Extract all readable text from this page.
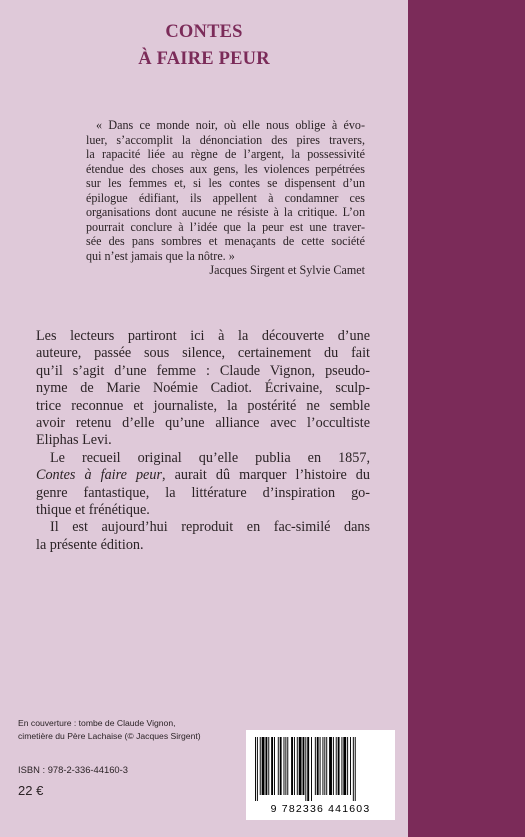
CONTES
À FAIRE PEUR
« Dans ce monde noir, où elle nous oblige à évo-
luer, s’accomplit la dénonciation des pires travers,
la rapacité liée au règne de l’argent, la possessivité
étendue des choses aux gens, les violences perpétrées
sur les femmes et, si les contes se dispensent d’un
épilogue édifiant, ils appellent à condamner ces
organisations dont aucune ne résiste à la critique. L’on
pourrait conclure à l’idée que la peur est une traver-
sée des pans sombres et menaçants de cette société
qui n’est jamais que la nôtre. »
Jacques Sirgent et Sylvie Camet
Les lecteurs partiront ici à la découverte d’une
auteure, passée sous silence, certainement du fait
qu’il s’agit d’une femme : Claude Vignon, pseudo-
nyme de Marie Noémie Cadiot. Écrivaine, sculp-
trice reconnue et journaliste, la postérité ne semble
avoir retenu d’elle qu’une alliance avec l’occultiste
Eliphas Levi.
Le recueil original qu’elle publia en 1857,
Contes à faire peur, aurait dû marquer l’histoire du
genre fantastique, la littérature d’inspiration go-
thique et frénétique.
Il est aujourd’hui reproduit en fac-similé dans
la présente édition.
En couverture : tombe de Claude Vignon,
cimetière du Père Lachaise (© Jacques Sirgent)
ISBN : 978-2-336-44160-3
22 €
9 782336 441603
